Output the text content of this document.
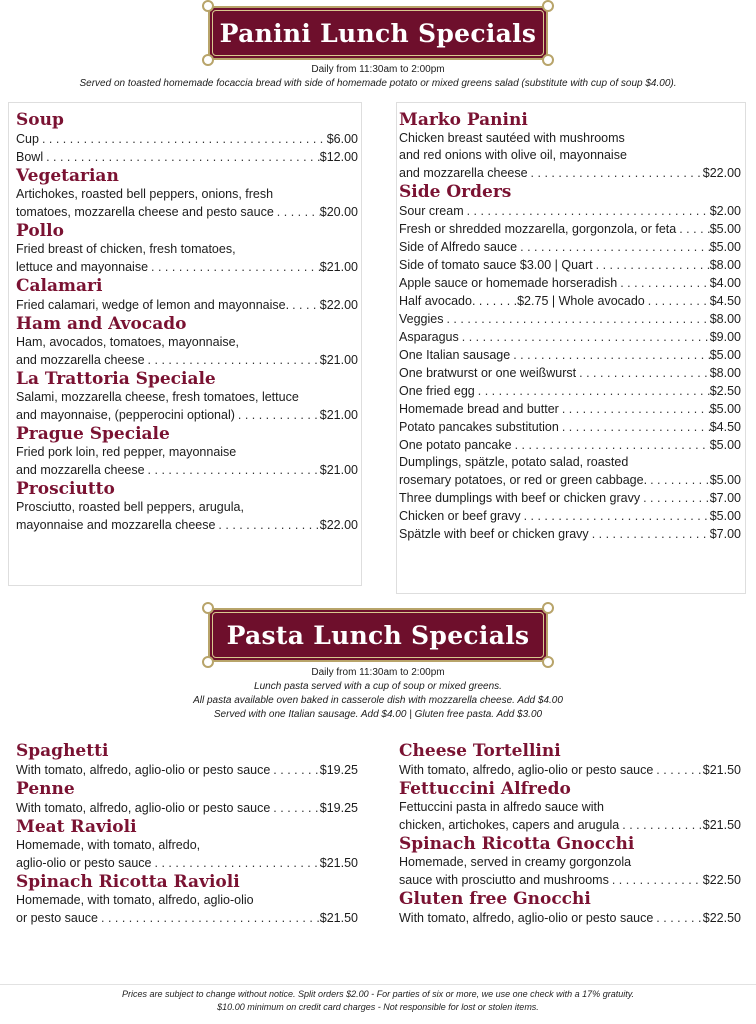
Panini Lunch Specials
Daily from 11:30am to 2:00pm
Served on toasted homemade focaccia bread with side of homemade potato or mixed greens salad (substitute with cup of soup $4.00).
Soup
Cup . . .	$6.00
Bowl . . .	$12.00
Vegetarian
Artichokes, roasted bell peppers, onions, fresh
tomatoes, mozzarella cheese and pesto sauce . . .	$20.00
Pollo
Fried breast of chicken, fresh tomatoes,
lettuce and mayonnaise . . .	$21.00
Calamari
Fried calamari, wedge of lemon and mayonnaise. . . . $22.00
Ham and Avocado
Ham, avocados, tomatoes, mayonnaise,
and mozzarella cheese . . .	$21.00
La Trattoria Speciale
Salami, mozzarella cheese, fresh tomatoes, lettuce
and mayonnaise, (pepperocini optional) . . .	$21.00
Prague Speciale
Fried pork loin, red pepper, mayonnaise
and mozzarella cheese . . .	$21.00
Prosciutto
Prosciutto, roasted bell peppers, arugula,
mayonnaise and mozzarella cheese . . .	$22.00
Marko Panini
Chicken breast sautéed with mushrooms
and red onions with olive oil, mayonnaise
and mozzarella cheese . . .	$22.00
Side Orders
Sour cream . . .	$2.00
Fresh or shredded mozzarella, gorgonzola, or feta . . .	$5.00
Side of Alfredo sauce . . .	$5.00
Side of tomato sauce $3.00 | Quart . . .	$8.00
Apple sauce or homemade horseradish . . .	$4.00
Half avocado. . . . . . .$2.75 | Whole avocado . . .	$4.50
Veggies . . .	$8.00
Asparagus . . .	$9.00
One Italian sausage . . .	$5.00
One bratwurst or one weißwurst . . .	$8.00
One fried egg . . .	$2.50
Homemade bread and butter . . .	$5.00
Potato pancakes substitution . . .	$4.50
One potato pancake . . .	$5.00
Dumplings, spätzle, potato salad, roasted
rosemary potatoes, or red or green cabbage. . . .	$5.00
Three dumplings with beef or chicken gravy . . .	$7.00
Chicken or beef gravy . . .	$5.00
Spätzle with beef or chicken gravy . . .	$7.00
Pasta Lunch Specials
Daily from 11:30am to 2:00pm
Lunch pasta served with a cup of soup or mixed greens.
All pasta available oven baked in casserole dish with mozzarella cheese. Add $4.00
Served with one Italian sausage. Add $4.00 | Gluten free pasta. Add $3.00
Spaghetti
With tomato, alfredo, aglio-olio or pesto sauce . . .	$19.25
Penne
With tomato, alfredo, aglio-olio or pesto sauce . . .	$19.25
Meat Ravioli
Homemade, with tomato, alfredo,
aglio-olio or pesto sauce . . .	$21.50
Spinach Ricotta Ravioli
Homemade, with tomato, alfredo, aglio-olio
or pesto sauce . . .	$21.50
Cheese Tortellini
With tomato, alfredo, aglio-olio or pesto sauce . . .	$21.50
Fettuccini Alfredo
Fettuccini pasta in alfredo sauce with
chicken, artichokes, capers and arugula . . .	$21.50
Spinach Ricotta Gnocchi
Homemade, served in creamy gorgonzola
sauce with prosciutto and mushrooms . . .	$22.50
Gluten free Gnocchi
With tomato, alfredo, aglio-olio or pesto sauce . . .	$22.50
Prices are subject to change without notice. Split orders $2.00 - For parties of six or more, we use one check with a 17% gratuity.
$10.00 minimum on credit card charges - Not responsible for lost or stolen items.
